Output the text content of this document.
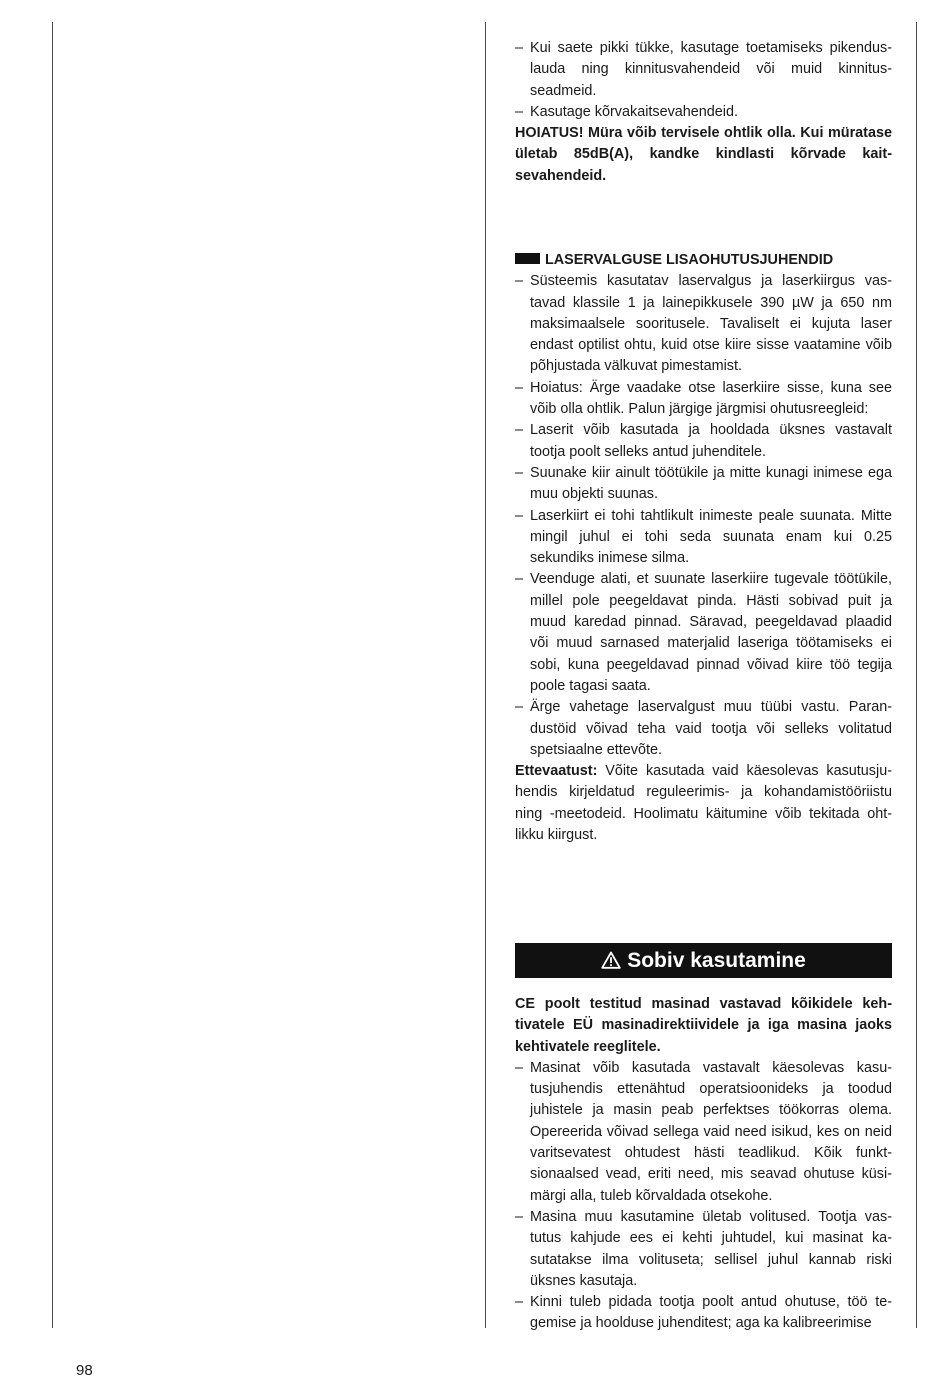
– Kui saete pikki tükke, kasutage toetamiseks pikenduslauda ning kinnitusvahendeid või muid kinnitusseadmeid.
– Kasutage kõrvakaitsevahendeid.

HOIATUS! Müra võib tervisele ohtlik olla. Kui müratase ületab 85dB(A), kandke kindlasti kõrvade kaitsevahendeid.

LASERVALGUSE LISAOHUTUSJUHENDID

– Süsteemis kasutatav laservalgus ja laserkiirgus vastavad klassile 1 ja lainepikkusele 390 µW ja 650 nm maksimaalsele sooritusele. Tavaliselt ei kujuta laser endast optilist ohtu, kuid otse kiire sisse vaatamine võib põhjustada välkuvat pimestamist.
– Hoiatus: Ärge vaadake otse laserkiire sisse, kuna see võib olla ohtlik. Palun järgige järgmisi ohutusreegleid:
– Laserit võib kasutada ja hooldada üksnes vastavalt tootja poolt selleks antud juhenditele.
– Suunake kiir ainult töötükile ja mitte kunagi inimese ega muu objekti suunas.
– Laserkiirt ei tohi tahtlikult inimeste peale suunata. Mitte mingil juhul ei tohi seda suunata enam kui 0.25 sekundiks inimese silma.
– Veenduge alati, et suunate laserkiire tugevale töötükile, millel pole peegeldavat pinda. Hästi sobivad puit ja muud karedad pinnad. Säravad, peegeldavad plaadid või muud sarnased materjalid laseriga töötamiseks ei sobi, kuna peegeldavad pinnad võivad kiire töö tegija poole tagasi saata.
– Ärge vahetage laservalgust muu tüübi vastu. Parandustöid võivad teha vaid tootja või selleks volitatud spetsiaalne ettevõte.

Ettevaatust: Võite kasutada vaid käesolevas kasutusjuhendis kirjeldatud reguleerimis- ja kohandamistööriistu ning -meetodeid. Hoolimatu käitumine võib tekitada ohtlikku kiirgust.

Sobiv kasutamine

CE poolt testitud masinad vastavad kõikidele kehtivatele EÜ masinadirektiividele ja iga masina jaoks kehtivatele reeglitele.

– Masinat võib kasutada vastavalt käesolevas kasutusjuhendis ettenähtud operatsioonideks ja toodud juhistele ja masin peab perfektses töökorras olema. Opereerida võivad sellega vaid need isikud, kes on neid varitsevatest ohtudest hästi teadlikud. Kõik funktsionaalsed vead, eriti need, mis seavad ohutuse küsimärgi alla, tuleb kõrvaldada otsekohe.
– Masina muu kasutamine ületab volitused. Tootja vastutus kahjude ees ei kehti juhtudel, kui masinat kasutatakse ilma volituseta; sellisel juhul kannab riski üksnes kasutaja.
– Kinni tuleb pidada tootja poolt antud ohutuse, töö tegemise ja hoolduse juhenditest; aga ka kalibreerimise
98
